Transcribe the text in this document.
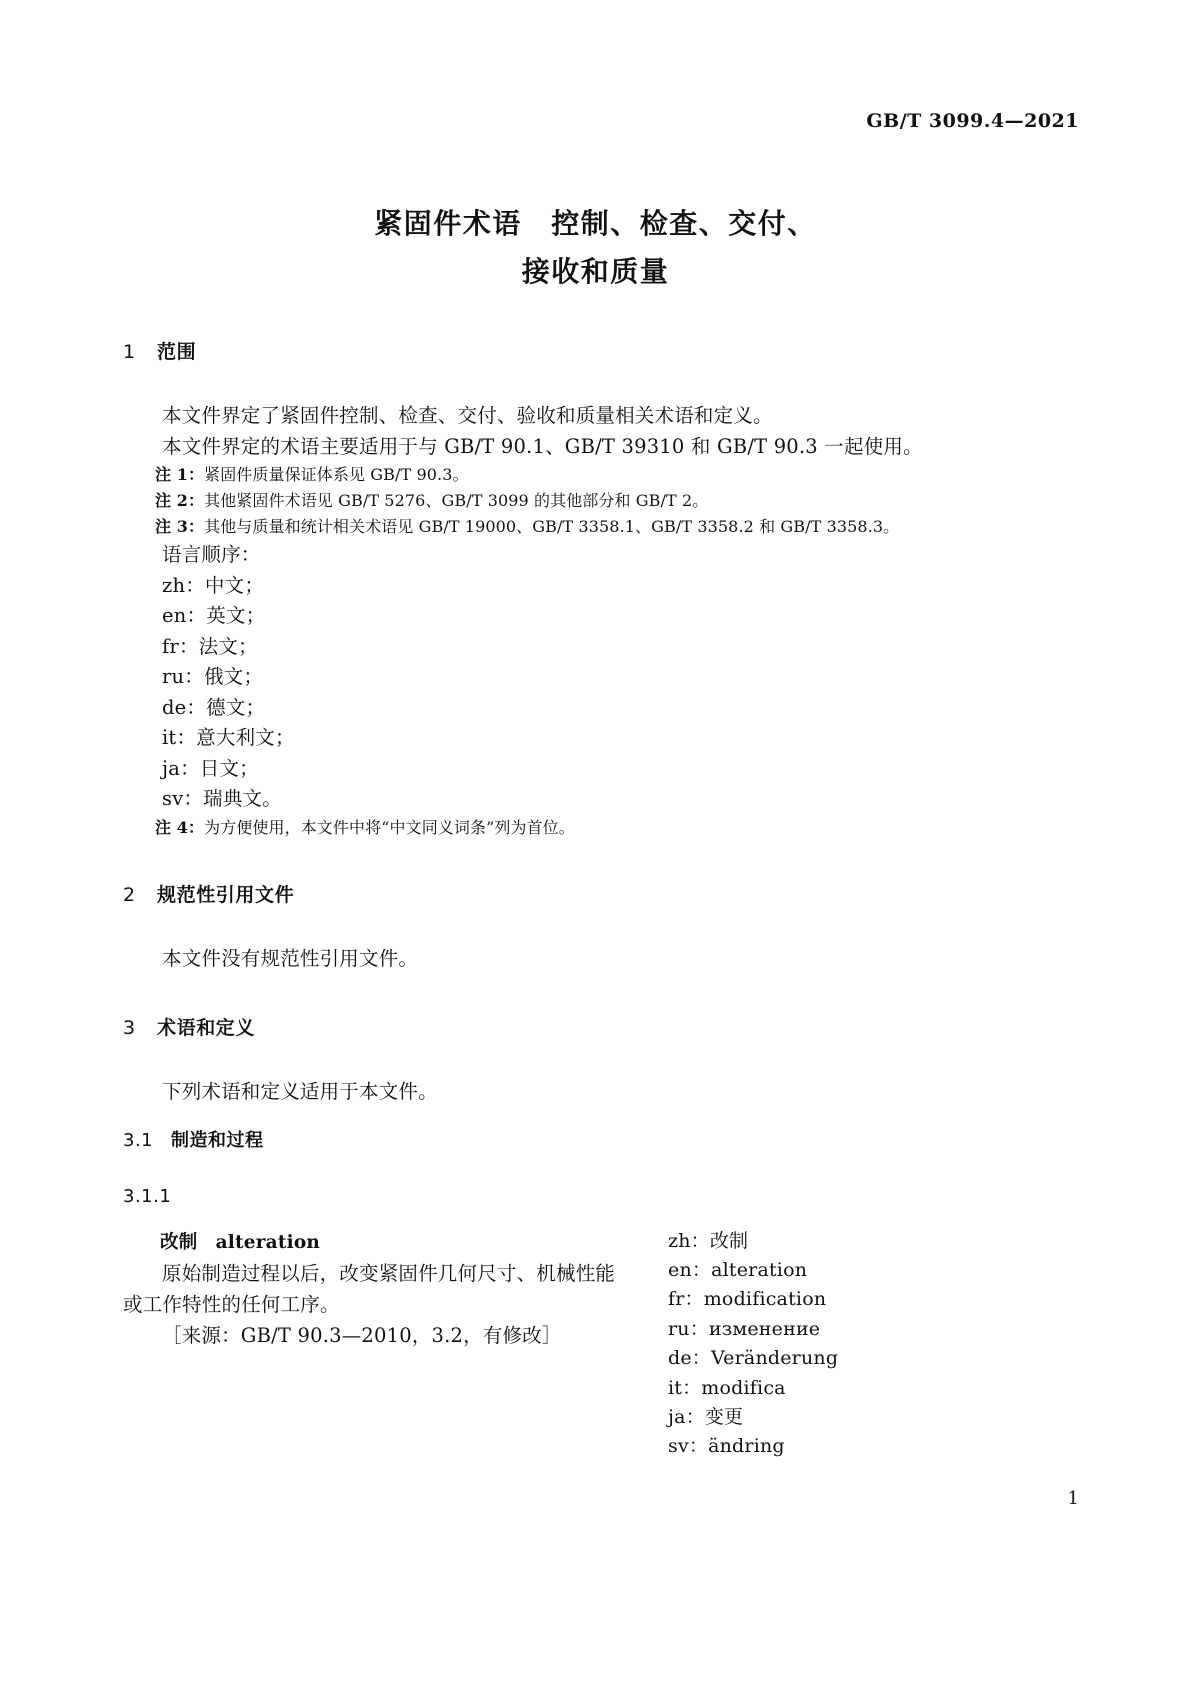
GB/T 3099.4—2021
紧固件术语　控制、检查、交付、
接收和质量
1 范围

本文件界定了紧固件控制、检查、交付、验收和质量相关术语和定义。

本文件界定的术语主要适用于与 GB/T 90.1、GB/T 39310 和 GB/T 90.3 一起使用。

注 1：紧固件质量保证体系见 GB/T 90.3。

注 2：其他紧固件术语见 GB/T 5276、GB/T 3099 的其他部分和 GB/T 2。

注 3：其他与质量和统计相关术语见 GB/T 19000、GB/T 3358.1、GB/T 3358.2 和 GB/T 3358.3。

语言顺序：

zh：中文；

en：英文；

fr：法文；

ru：俄文；

de：德文；

it：意大利文；

ja：日文；

sv：瑞典文。

注 4：为方便使用，本文件中将“中文同义词条”列为首位。

2 规范性引用文件

本文件没有规范性引用文件。

3 术语和定义

下列术语和定义适用于本文件。

3.1 制造和过程
3.1.1

改制 alteration

原始制造过程以后，改变紧固件几何尺寸、机械性能

或工作特性的任何工序。

［来源：GB/T 90.3—2010，3.2，有修改］

zh：改制

en：alteration

fr：modification

ru：изменение

de：Veränderung

it：modifica

ja：变更

sv：ändring

1
